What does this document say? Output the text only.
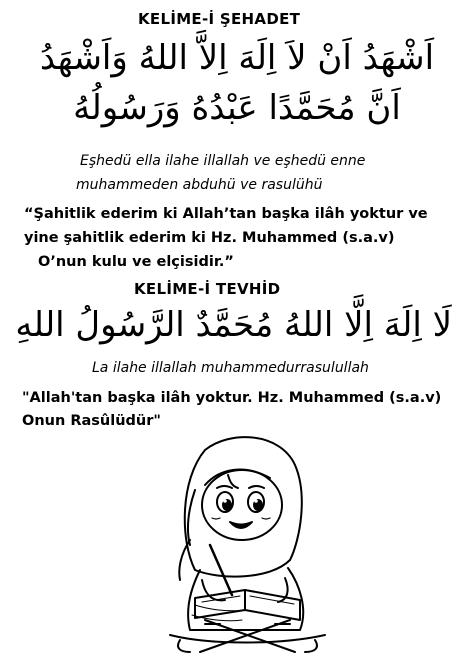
KELİME-İ ŞEHADET
اَشْهَدُ اَنْ لاَ اِلَهَ اِلاَّ اللهُ وَاَشْهَدُ
اَنَّ مُحَمَّدًا عَبْدُهُ وَرَسُولُهُ
Eşhedü ella ilahe illallah ve eşhedü enne
muhammeden abduhü ve rasulühü
“Şahitlik ederim ki Allah’tan başka ilâh yoktur ve
yine şahitlik ederim ki Hz. Muhammed (s.a.v)
O’nun kulu ve elçisidir.”
KELİME-İ TEVHİD
لَا اِلَهَ اِلَّا اللهُ مُحَمَّدٌ الرَّسُولُ اللهِ
La ilahe illallah muhammedurrasulullah
"Allah'tan başka ilâh yoktur. Hz. Muhammed (s.a.v)
Onun Rasûlüdür"
